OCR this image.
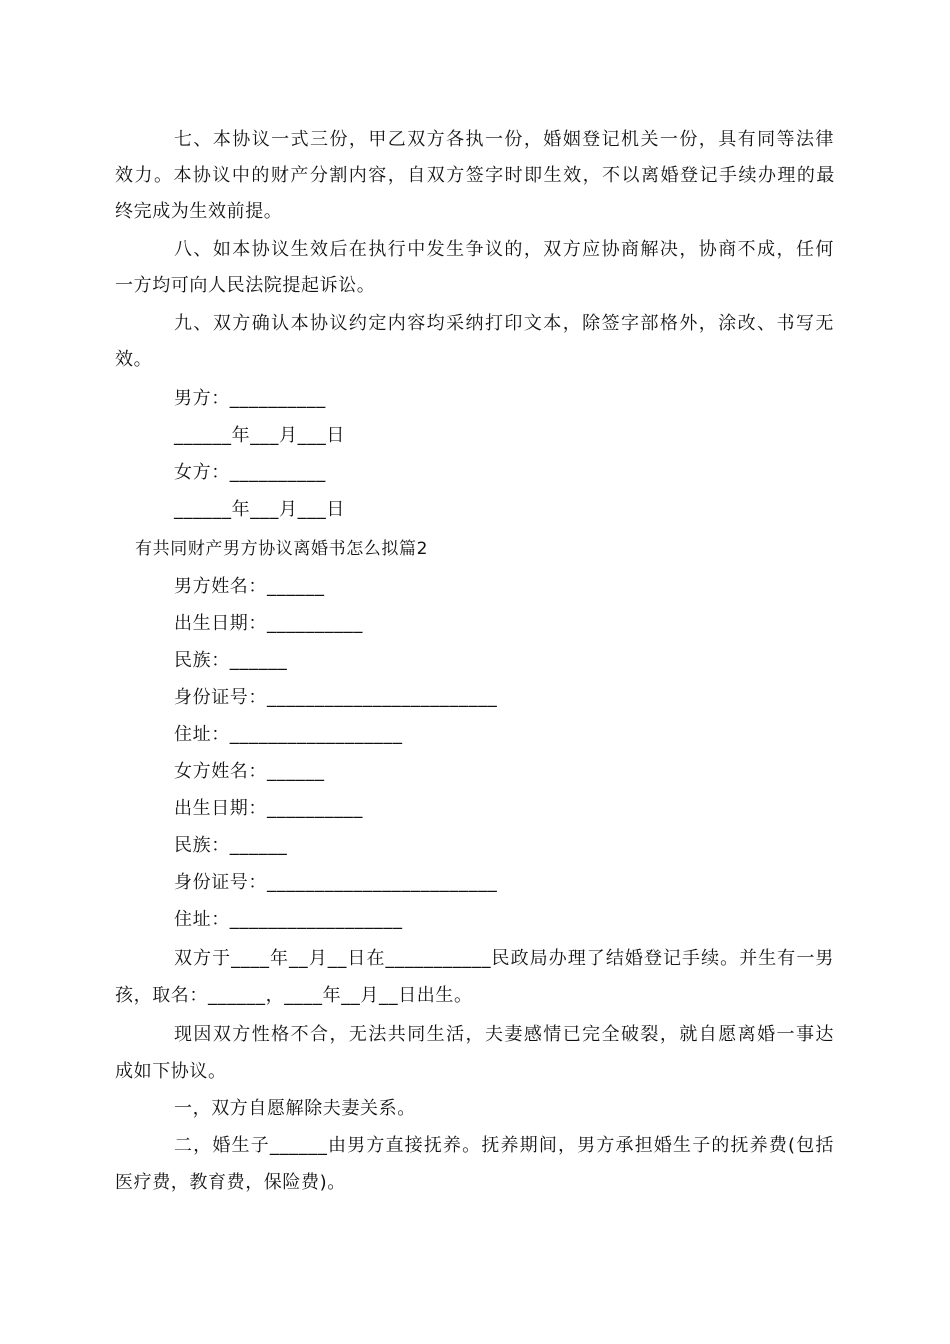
七、本协议一式三份，甲乙双方各执一份，婚姻登记机关一份，具有同等法律
效力。本协议中的财产分割内容，自双方签字时即生效，不以离婚登记手续办理的最
终完成为生效前提。
八、如本协议生效后在执行中发生争议的，双方应协商解决，协商不成，任何
一方均可向人民法院提起诉讼。
九、双方确认本协议约定内容均采纳打印文本，除签字部格外，涂改、书写无
效。
男方：__________
______年___月___日
女方：__________
______年___月___日
有共同财产男方协议离婚书怎么拟篇2
男方姓名：______
出生日期：__________
民族：______
身份证号：________________________
住址：__________________
女方姓名：______
出生日期：__________
民族：______
身份证号：________________________
住址：__________________
双方于____年__月__日在___________民政局办理了结婚登记手续。并生有一男
孩，取名：______，____年__月__日出生。
现因双方性格不合，无法共同生活，夫妻感情已完全破裂，就自愿离婚一事达
成如下协议。
一，双方自愿解除夫妻关系。
二，婚生子______由男方直接抚养。抚养期间，男方承担婚生子的抚养费(包括
医疗费，教育费，保险费)。
